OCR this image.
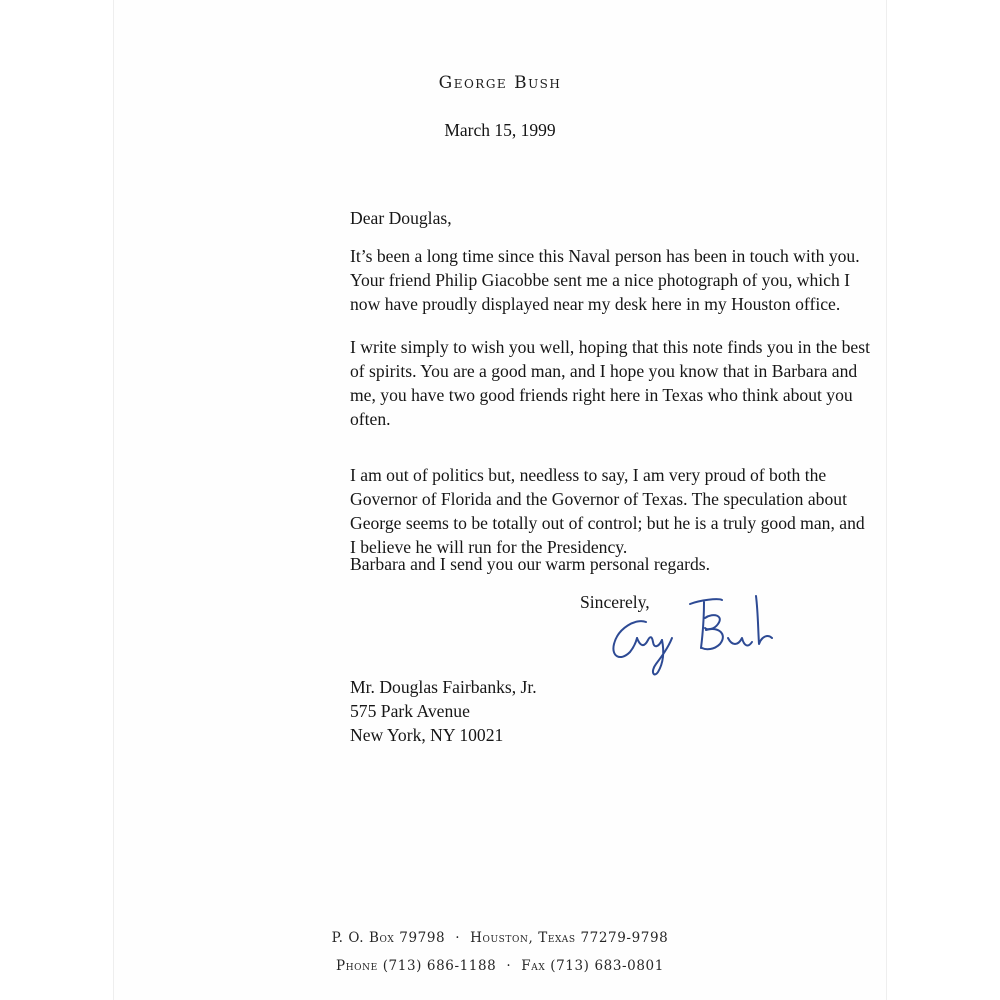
George Bush
March 15, 1999
Dear Douglas,
It’s been a long time since this Naval person has been in touch with you.
Your friend Philip Giacobbe sent me a nice photograph of you, which I
now have proudly displayed near my desk here in my Houston office.
I write simply to wish you well, hoping that this note finds you in the best
of spirits. You are a good man, and I hope you know that in Barbara and
me, you have two good friends right here in Texas who think about you
often.
I am out of politics but, needless to say, I am very proud of both the
Governor of Florida and the Governor of Texas. The speculation about
George seems to be totally out of control; but he is a truly good man, and
I believe he will run for the Presidency.
Barbara and I send you our warm personal regards.
Sincerely,
Mr. Douglas Fairbanks, Jr.
575 Park Avenue
New York, NY 10021
P. O. Box 79798 · Houston, Texas 77279-9798
Phone (713) 686-1188 · Fax (713) 683-0801
